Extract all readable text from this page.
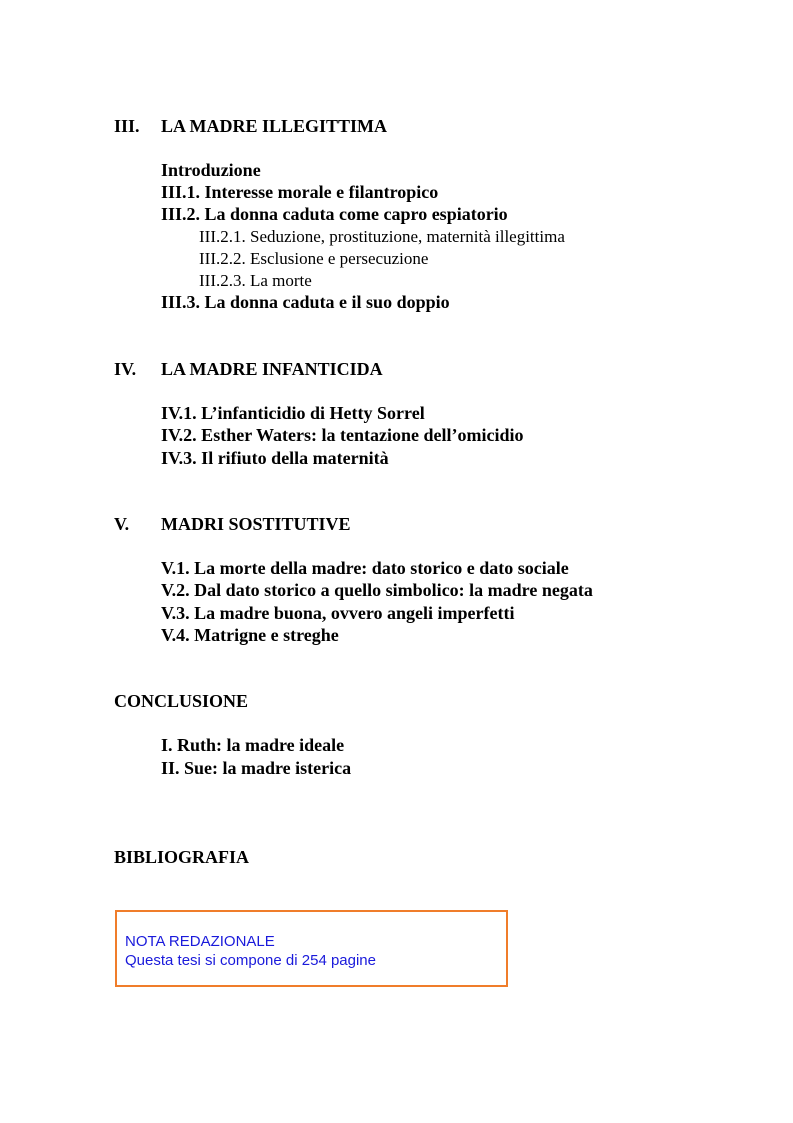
III. LA MADRE ILLEGITTIMA
Introduzione
III.1. Interesse morale e filantropico
III.2. La donna caduta come capro espiatorio
III.2.1. Seduzione, prostituzione, maternità illegittima
III.2.2. Esclusione e persecuzione
III.2.3. La morte
III.3. La donna caduta e il suo doppio
IV. LA MADRE INFANTICIDA
IV.1. L’infanticidio di Hetty Sorrel
IV.2. Esther Waters: la tentazione dell’omicidio
IV.3. Il rifiuto della maternità
V. MADRI SOSTITUTIVE
V.1. La morte della madre: dato storico e dato sociale
V.2. Dal dato storico a quello simbolico: la madre negata
V.3. La madre buona, ovvero angeli imperfetti
V.4. Matrigne e streghe
CONCLUSIONE
I. Ruth: la madre ideale
II. Sue: la madre isterica
BIBLIOGRAFIA
NOTA REDAZIONALE
Questa tesi si compone di 254 pagine
